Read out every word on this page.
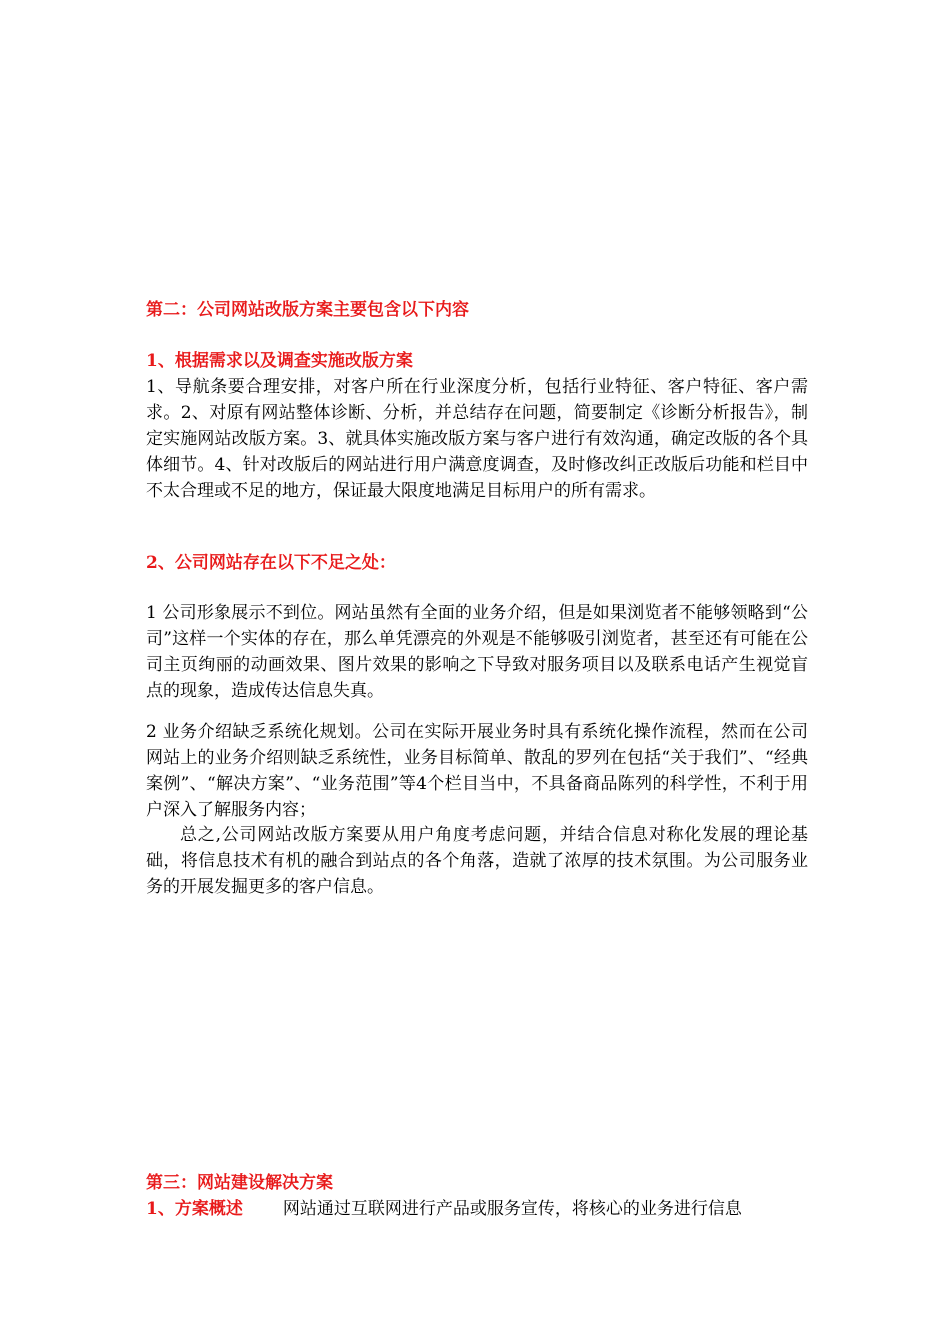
第二：公司网站改版方案主要包含以下内容
1、根据需求以及调查实施改版方案
1、导航条要合理安排，对客户所在行业深度分析，包括行业特征、客户特征、客户需求。2、对原有网站整体诊断、分析，并总结存在问题，简要制定《诊断分析报告》，制定实施网站改版方案。3、就具体实施改版方案与客户进行有效沟通，确定改版的各个具体细节。4、针对改版后的网站进行用户满意度调查，及时修改纠正改版后功能和栏目中不太合理或不足的地方，保证最大限度地满足目标用户的所有需求。
2、公司网站存在以下不足之处：
1 公司形象展示不到位。网站虽然有全面的业务介绍，但是如果浏览者不能够领略到“公司”这样一个实体的存在，那么单凭漂亮的外观是不能够吸引浏览者，甚至还有可能在公司主页绚丽的动画效果、图片效果的影响之下导致对服务项目以及联系电话产生视觉盲点的现象，造成传达信息失真。
2 业务介绍缺乏系统化规划。公司在实际开展业务时具有系统化操作流程，然而在公司网站上的业务介绍则缺乏系统性，业务目标简单、散乱的罗列在包括“关于我们”、“经典案例”、“解决方案”、“业务范围”等4个栏目当中，不具备商品陈列的科学性，不利于用户深入了解服务内容；
总之,公司网站改版方案要从用户角度考虑问题，并结合信息对称化发展的理论基础，将信息技术有机的融合到站点的各个角落，造就了浓厚的技术氛围。为公司服务业务的开展发掘更多的客户信息。
第三：网站建设解决方案
1、方案概述 网站通过互联网进行产品或服务宣传，将核心的业务进行信息
